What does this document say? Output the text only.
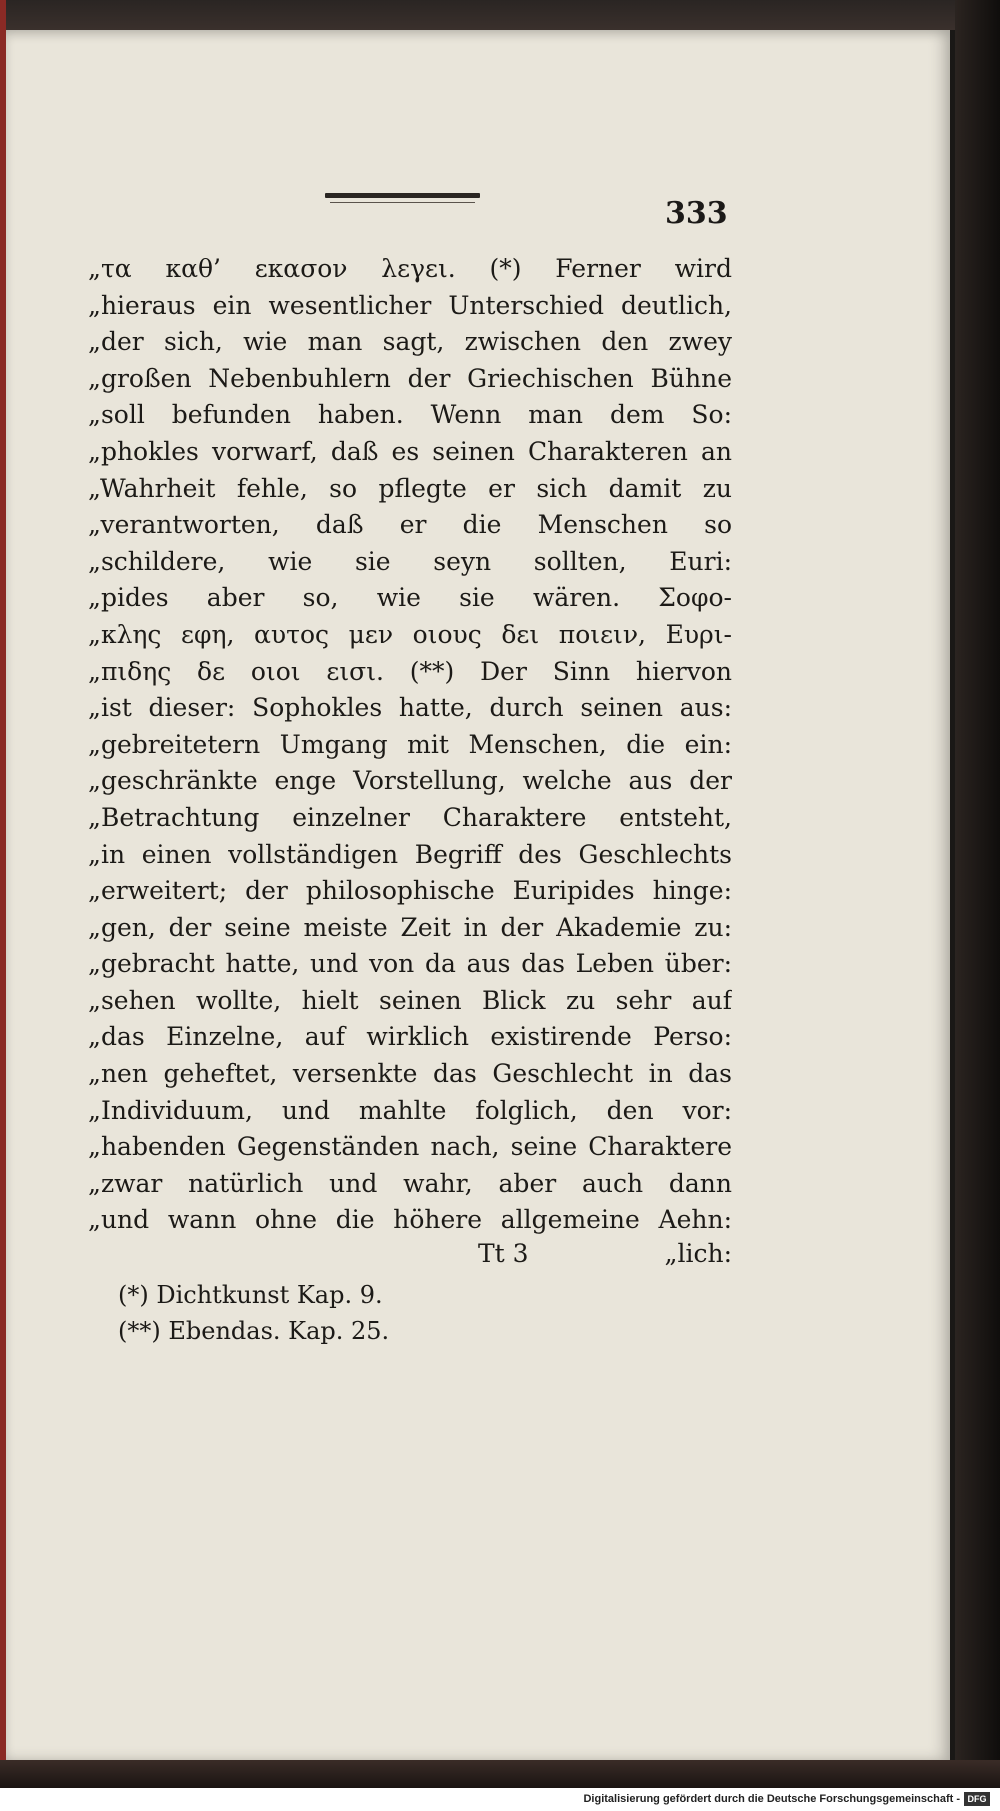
333
„τα καθ’ εκασον λεγει. (*) Ferner wird
„hieraus ein wesentlicher Unterschied deutlich,
„der sich, wie man sagt, zwischen den zwey
„großen Nebenbuhlern der Griechischen Bühne
„soll befunden haben. Wenn man dem So:
„phokles vorwarf, daß es seinen Charakteren an
„Wahrheit fehle, so pflegte er sich damit zu
„verantworten, daß er die Menschen so
„schildere, wie sie seyn sollten, Euri:
„pides aber so, wie sie wären. Σοφο-
„κλης εφη, αυτος μεν οιους δει ποιειν, Ευρι-
„πιδης δε οιοι εισι. (**) Der Sinn hiervon
„ist dieser: Sophokles hatte, durch seinen aus:
„gebreitetern Umgang mit Menschen, die ein:
„geschränkte enge Vorstellung, welche aus der
„Betrachtung einzelner Charaktere entsteht,
„in einen vollständigen Begriff des Geschlechts
„erweitert; der philosophische Euripides hinge:
„gen, der seine meiste Zeit in der Akademie zu:
„gebracht hatte, und von da aus das Leben über:
„sehen wollte, hielt seinen Blick zu sehr auf
„das Einzelne, auf wirklich existirende Perso:
„nen geheftet, versenkte das Geschlecht in das
„Individuum, und mahlte folglich, den vor:
„habenden Gegenständen nach, seine Charaktere
„zwar natürlich und wahr, aber auch dann
„und wann ohne die höhere allgemeine Aehn:
Tt 3	„lich:
(*) Dichtkunst Kap. 9.
(**) Ebendas. Kap. 25.
Digitalisierung gefördert durch die Deutsche Forschungsgemeinschaft - DFG
